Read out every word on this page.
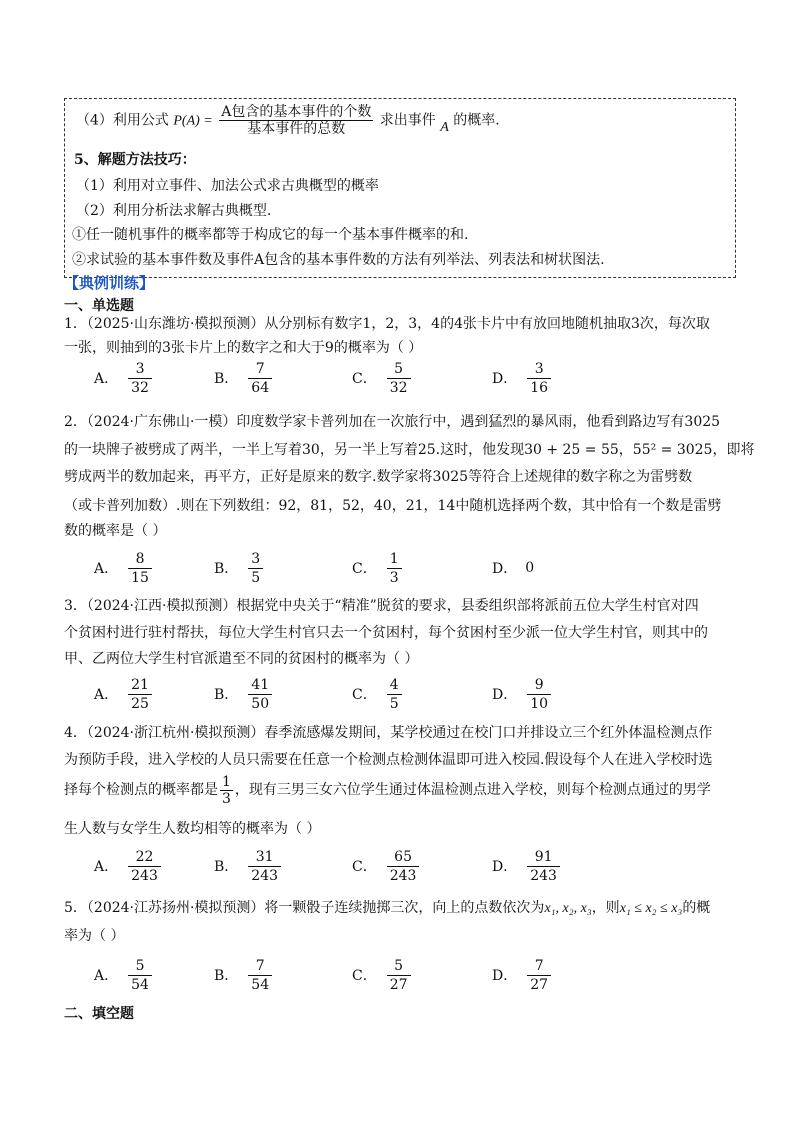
（4）利用公式 $P(A) = \frac{\text{A包含的基本事件的个数}}{\text{基本事件的总数}}$ 求出事件 A 的概率.
5、解题方法技巧：
（1）利用对立事件、加法公式求古典概型的概率
（2）利用分析法求解古典概型.
①任一随机事件的概率都等于构成它的每一个基本事件概率的和.
②求试验的基本事件数及事件A包含的基本事件数的方法有列举法、列表法和树状图法.
【典例训练】
一、单选题
1．（2025·山东潍坊·模拟预测）从分别标有数字1，2，3，4的4张卡片中有放回地随机抽取3次，每次取
一张，则抽到的3张卡片上的数字之和大于9的概率为（ ）
A． $\frac{3}{32}$	B． $\frac{7}{64}$	C． $\frac{5}{32}$	D． $\frac{3}{16}$
2．（2024·广东佛山·一模）印度数学家卡普列加在一次旅行中，遇到猛烈的暴风雨，他看到路边写有3025
的一块牌子被劈成了两半，一半上写着30，另一半上写着25.这时，他发现30 + 25 = 55，55² = 3025，即将
劈成两半的数加起来，再平方，正好是原来的数字.数学家将3025等符合上述规律的数字称之为雷劈数
（或卡普列加数）.则在下列数组：92，81，52，40，21，14中随机选择两个数，其中恰有一个数是雷劈
数的概率是（ ）
A． $\frac{8}{15}$	B． $\frac{3}{5}$	C． $\frac{1}{3}$	D． 0
3．（2024·江西·模拟预测）根据党中央关于“精准”脱贫的要求，县委组织部将派前五位大学生村官对四
个贫困村进行驻村帮扶，每位大学生村官只去一个贫困村，每个贫困村至少派一位大学生村官，则其中的
甲、乙两位大学生村官派遣至不同的贫困村的概率为（ ）
A． $\frac{21}{25}$	B． $\frac{41}{50}$	C． $\frac{4}{5}$	D． $\frac{9}{10}$
4．（2024·浙江杭州·模拟预测）春季流感爆发期间，某学校通过在校门口并排设立三个红外体温检测点作
为预防手段，进入学校的人员只需要在任意一个检测点检测体温即可进入校园.假设每个人在进入学校时选
择每个检测点的概率都是 $\frac{1}{3}$ ，现有三男三女六位学生通过体温检测点进入学校，则每个检测点通过的男学
生人数与女学生人数均相等的概率为（ ）
A． $\frac{22}{243}$	B． $\frac{31}{243}$	C． $\frac{65}{243}$	D． $\frac{91}{243}$
5．（2024·江苏扬州·模拟预测）将一颗骰子连续抛掷三次，向上的点数依次为x₁, x₂, x₃，则x₁ ≤ x₂ ≤ x₃的概
率为（ ）
A． $\frac{5}{54}$	B． $\frac{7}{54}$	C． $\frac{5}{27}$	D． $\frac{7}{27}$
二、填空题
